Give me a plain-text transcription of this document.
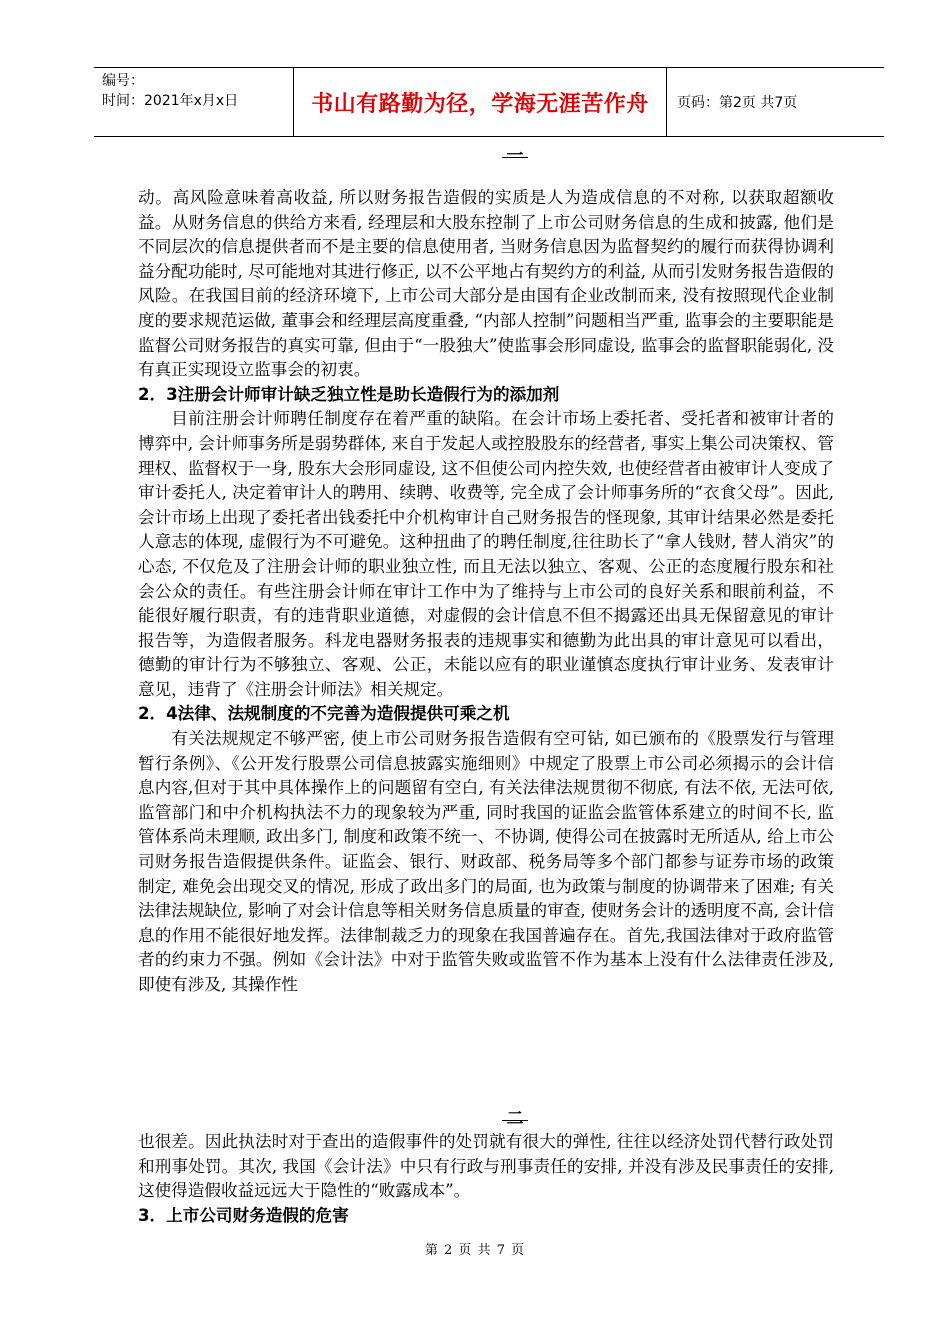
编号：
时间：2021年x月x日	书山有路勤为径，学海无涯苦作舟 页码：第2页 共7页
一

动。高风险意味着高收益, 所以财务报告造假的实质是人为造成信息的不对称, 以获取超额收益。从财务信息的供给方来看, 经理层和大股东控制了上市公司财务信息的生成和披露, 他们是不同层次的信息提供者而不是主要的信息使用者, 当财务信息因为监督契约的履行而获得协调利益分配功能时, 尽可能地对其进行修正, 以不公平地占有契约方的利益, 从而引发财务报告造假的风险。在我国目前的经济环境下, 上市公司大部分是由国有企业改制而来, 没有按照现代企业制度的要求规范运做, 董事会和经理层高度重叠, “内部人控制”问题相当严重, 监事会的主要职能是监督公司财务报告的真实可靠, 但由于“一股独大”使监事会形同虚设, 监事会的监督职能弱化, 没有真正实现设立监事会的初衷。

2．3注册会计师审计缺乏独立性是助长造假行为的添加剂

目前注册会计师聘任制度存在着严重的缺陷。在会计市场上委托者、受托者和被审计者的博弈中, 会计师事务所是弱势群体, 来自于发起人或控股股东的经营者, 事实上集公司决策权、管理权、监督权于一身, 股东大会形同虚设, 这不但使公司内控失效, 也使经营者由被审计人变成了审计委托人, 决定着审计人的聘用、续聘、收费等, 完全成了会计师事务所的“衣食父母”。因此, 会计市场上出现了委托者出钱委托中介机构审计自己财务报告的怪现象, 其审计结果必然是委托人意志的体现, 虚假行为不可避免。这种扭曲了的聘任制度,往往助长了“拿人钱财, 替人消灾”的心态, 不仅危及了注册会计师的职业独立性, 而且无法以独立、客观、公正的态度履行股东和社会公众的责任。有些注册会计师在审计工作中为了维持与上市公司的良好关系和眼前利益，不能很好履行职责，有的违背职业道德，对虚假的会计信息不但不揭露还出具无保留意见的审计报告等，为造假者服务。科龙电器财务报表的违规事实和德勤为此出具的审计意见可以看出，德勤的审计行为不够独立、客观、公正，未能以应有的职业谨慎态度执行审计业务、发表审计意见，违背了《注册会计师法》相关规定。

2．4法律、法规制度的不完善为造假提供可乘之机

有关法规规定不够严密, 使上市公司财务报告造假有空可钻, 如已颁布的《股票发行与管理暂行条例》、《公开发行股票公司信息披露实施细则》中规定了股票上市公司必须揭示的会计信息内容,但对于其中具体操作上的问题留有空白, 有关法律法规贯彻不彻底, 有法不依, 无法可依, 监管部门和中介机构执法不力的现象较为严重, 同时我国的证监会监管体系建立的时间不长, 监管体系尚未理顺, 政出多门, 制度和政策不统一、不协调, 使得公司在披露时无所适从, 给上市公司财务报告造假提供条件。证监会、银行、财政部、税务局等多个部门都参与证券市场的政策制定, 难免会出现交叉的情况, 形成了政出多门的局面, 也为政策与制度的协调带来了困难; 有关法律法规缺位, 影响了对会计信息等相关财务信息质量的审查, 使财务会计的透明度不高, 会计信息的作用不能很好地发挥。法律制裁乏力的现象在我国普遍存在。首先,我国法律对于政府监管者的约束力不强。例如《会计法》中对于监管失败或监管不作为基本上没有什么法律责任涉及, 即使有涉及, 其操作性

二

也很差。因此执法时对于查出的造假事件的处罚就有很大的弹性, 往往以经济处罚代替行政处罚和刑事处罚。其次, 我国《会计法》中只有行政与刑事责任的安排, 并没有涉及民事责任的安排, 这使得造假收益远远大于隐性的“败露成本”。

3．上市公司财务造假的危害
第 2 页 共 7 页
